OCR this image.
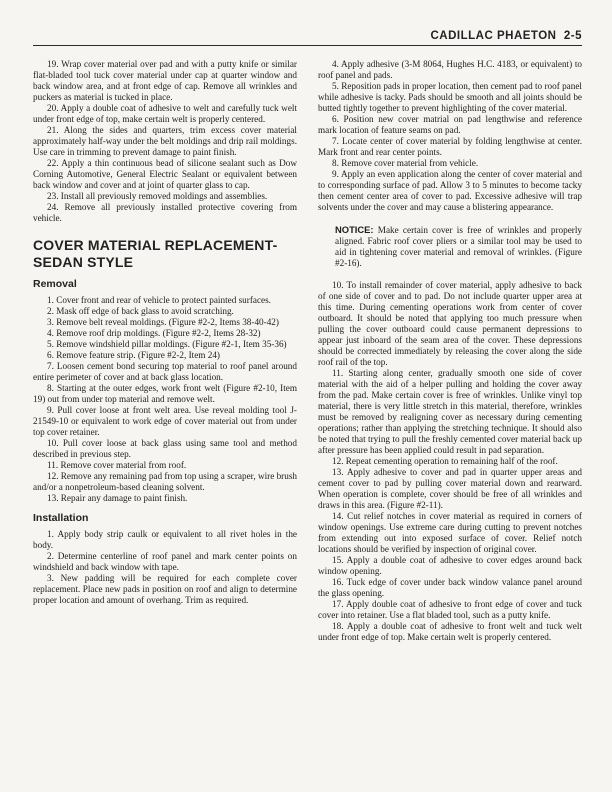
CADILLAC PHAETON  2-5

19. Wrap cover material over pad and with a putty knife or similar flat-bladed tool tuck cover material under cap at quarter window and back window area, and at front edge of cap. Remove all wrinkles and puckers as material is tucked in place.

20. Apply a double coat of adhesive to welt and carefully tuck welt under front edge of top, make certain welt is properly centered.

21. Along the sides and quarters, trim excess cover material approximately half-way under the belt moldings and drip rail moldings. Use care in trimming to prevent damage to paint finish.

22. Apply a thin continuous bead of silicone sealant such as Dow Corning Automotive, General Electric Sealant or equivalent between back window and cover and at joint of quarter glass to cap.

23. Install all previously removed moldings and assemblies.

24. Remove all previously installed protective covering from vehicle.

COVER MATERIAL REPLACEMENT- SEDAN STYLE
Removal

1. Cover front and rear of vehicle to protect painted surfaces.

2. Mask off edge of back glass to avoid scratching.

3. Remove belt reveal moldings. (Figure #2-2, Items 38-40-42)

4. Remove roof drip moldings. (Figure #2-2, Items 28-32)

5. Remove windshield pillar moldings. (Figure #2-1, Item 35-36)

6. Remove feature strip. (Figure #2-2, Item 24)

7. Loosen cement bond securing top material to roof panel around entire perimeter of cover and at back glass location.

8. Starting at the outer edges, work front welt (Figure #2-10, Item 19) out from under top material and remove welt.

9. Pull cover loose at front welt area. Use reveal molding tool J-21549-10 or equivalent to work edge of cover material out from under top cover retainer.

10. Pull cover loose at back glass using same tool and method described in previous step.

11. Remove cover material from roof.

12. Remove any remaining pad from top using a scraper, wire brush and/or a nonpetroleum-based cleaning solvent.

13. Repair any damage to paint finish.

Installation

1. Apply body strip caulk or equivalent to all rivet holes in the body.

2. Determine centerline of roof panel and mark center points on windshield and back window with tape.

3. New padding will be required for each complete cover replacement. Place new pads in position on roof and align to determine proper location and amount of overhang. Trim as required.

4. Apply adhesive (3-M 8064, Hughes H.C. 4183, or equivalent) to roof panel and pads.

5. Reposition pads in proper location, then cement pad to roof panel while adhesive is tacky. Pads should be smooth and all joints should be butted tightly together to prevent highlighting of the cover material.

6. Position new cover matrial on pad lengthwise and reference mark location of feature seams on pad.

7. Locate center of cover material by folding lengthwise at center. Mark front and rear center points.

8. Remove cover material from vehicle.

9. Apply an even application along the center of cover material and to corresponding surface of pad. Allow 3 to 5 minutes to become tacky then cement center area of cover to pad. Excessive adhesive will trap solvents under the cover and may cause a blistering appearance.

NOTICE: Make certain cover is free of wrinkles and properly aligned. Fabric roof cover pliers or a similar tool may be used to aid in tightening cover material and removal of wrinkles. (Figure #2-16).

10. To install remainder of cover material, apply adhesive to back of one side of cover and to pad. Do not include quarter upper area at this time. During cementing operations work from center of cover outboard. It should be noted that applying too much pressure when pulling the cover outboard could cause permanent depressions to appear just inboard of the seam area of the cover. These depressions should be corrected immediately by releasing the cover along the side roof rail of the top.

11. Starting along center, gradually smooth one side of cover material with the aid of a helper pulling and holding the cover away from the pad. Make certain cover is free of wrinkles. Unlike vinyl top material, there is very little stretch in this material, therefore, wrinkles must be removed by realigning cover as necessary during cementing operations; rather than applying the stretching technique. It should also be noted that trying to pull the freshly cemented cover material back up after pressure has been applied could result in pad separation.

12. Repeat cementing operation to remaining half of the roof.

13. Apply adhesive to cover and pad in quarter upper areas and cement cover to pad by pulling cover material down and rearward. When operation is complete, cover should be free of all wrinkles and draws in this area. (Figure #2-11).

14. Cut relief notches in cover material as required in corners of window openings. Use extreme care during cutting to prevent notches from extending out into exposed surface of cover. Relief notch locations should be verified by inspection of original cover.

15. Apply a double coat of adhesive to cover edges around back window opening.

16. Tuck edge of cover under back window valance panel around the glass opening.

17. Apply double coat of adhesive to front edge of cover and tuck cover into retainer. Use a flat bladed tool, such as a putty knife.

18. Apply a double coat of adhesive to front welt and tuck welt under front edge of top. Make certain welt is properly centered.
